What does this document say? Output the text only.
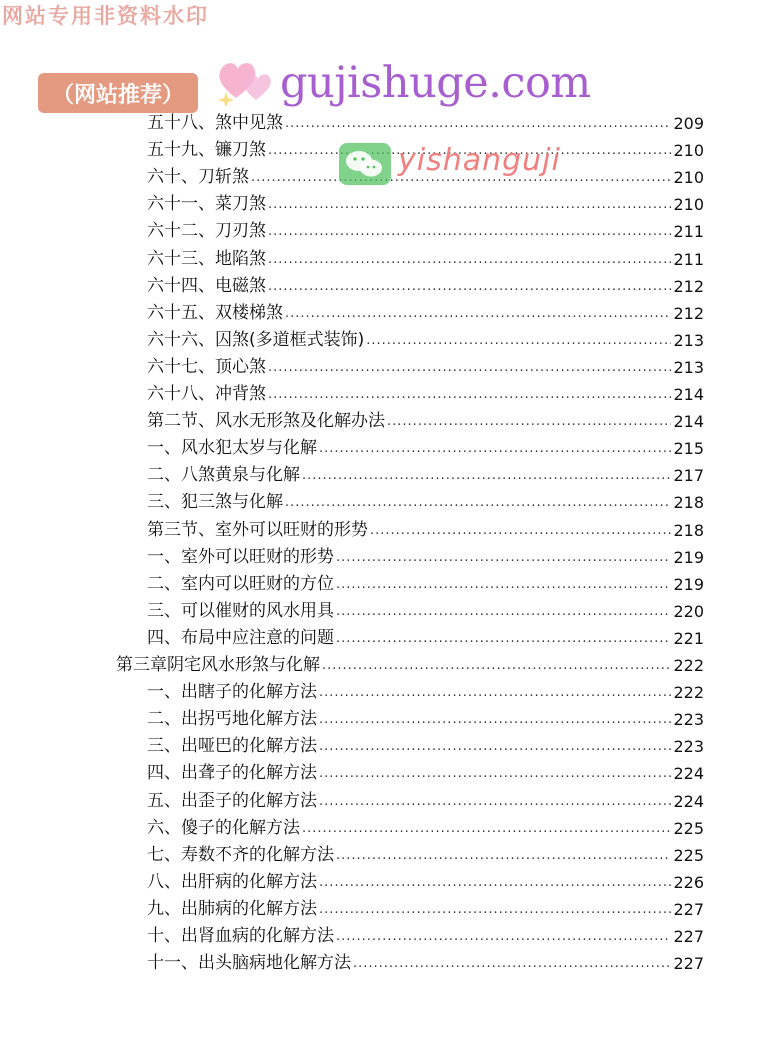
网站专用非资料水印
五十八、煞中见煞 .....	209
五十九、镰刀煞 .....	210
六十、刀斩煞 .....	210
六十一、菜刀煞 .....	210
六十二、刀刃煞 .....	211
六十三、地陷煞 .....	211
六十四、电磁煞 .....	212
六十五、双楼梯煞 .....	212
六十六、囚煞(多道框式装饰) .....	213
六十七、顶心煞 .....	213
六十八、冲背煞 .....	214
第二节、风水无形煞及化解办法 .....	214
一、风水犯太岁与化解 .....	215
二、八煞黄泉与化解 .....	217
三、犯三煞与化解 .....	218
第三节、室外可以旺财的形势 .....	218
一、室外可以旺财的形势 .....	219
二、室内可以旺财的方位 .....	219
三、可以催财的风水用具 .....	220
四、布局中应注意的问题 .....	221
第三章阴宅风水形煞与化解 .....	222
一、出瞎子的化解方法 .....	222
二、出拐丐地化解方法 .....	223
三、出哑巴的化解方法 .....	223
四、出聋子的化解方法 .....	224
五、出歪子的化解方法 .....	224
六、傻子的化解方法 .....	225
七、寿数不齐的化解方法 .....	225
八、出肝病的化解方法 .....	226
九、出肺病的化解方法 .....	227
十、出肾血病的化解方法 .....	227
十一、出头脑病地化解方法 .....	227
（网站推荐）	gujishuge.com
yishanguji
